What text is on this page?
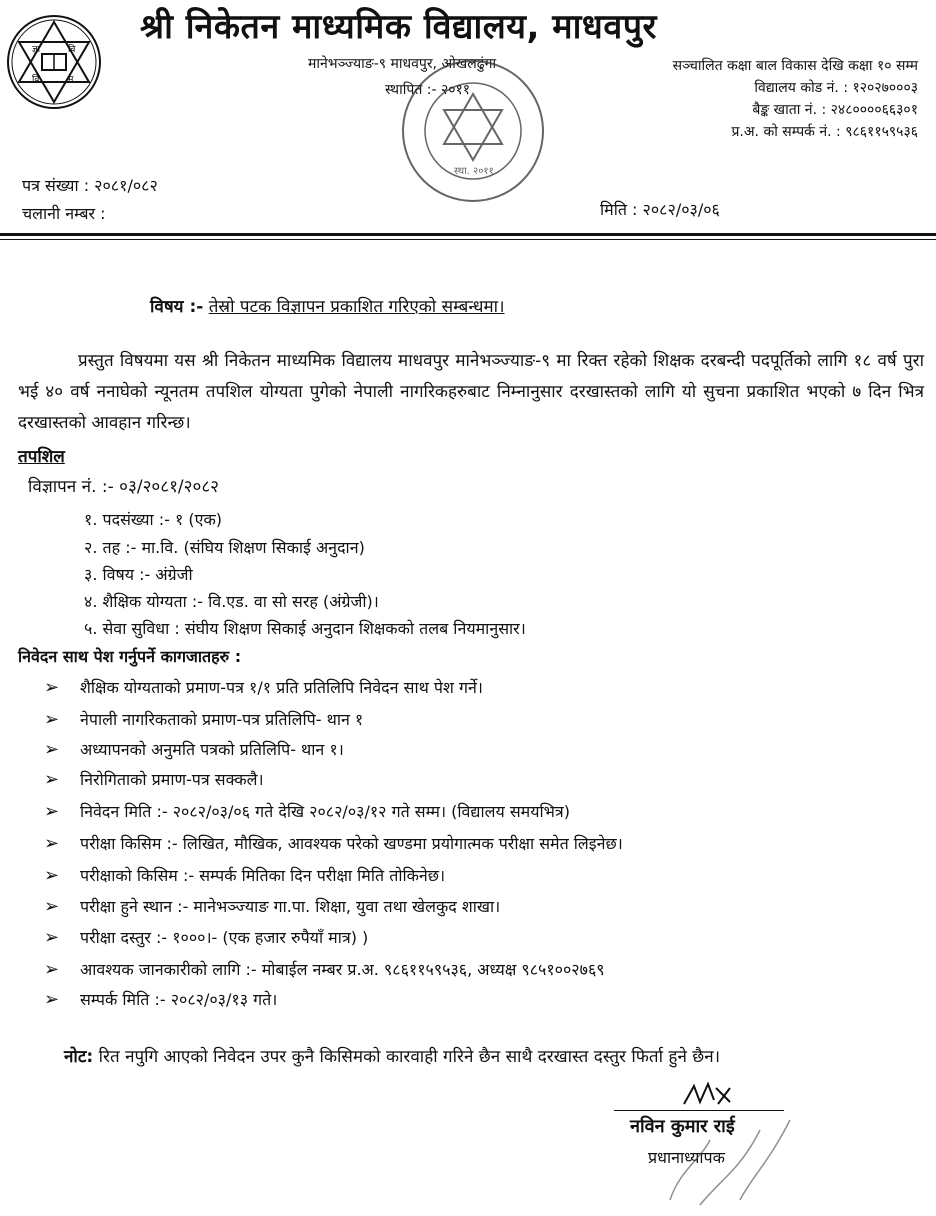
ज्ञा	वि
वि	म
श्री निकेतन माध्यमिक विद्यालय, माधवपुर
मानेभञ्ज्याङ-९ माधवपुर, ओखलढुंगा
स्थापित :- २०११
स्था. २०११
सञ्चालित कक्षा बाल विकास देखि कक्षा १० सम्म
विद्यालय कोड नं. : १२०२७०००३
बैङ्क खाता नं. : २४८००००६६३०१
प्र.अ. को सम्पर्क नं. : ९८६११५९५३६
पत्र संख्या : २०८१/०८२
चलानी नम्बर :	मिति : २०८२/०३/०६
विषय :- तेस्रो पटक विज्ञापन प्रकाशित गरिएको सम्बन्धमा।
प्रस्तुत विषयमा यस श्री निकेतन माध्यमिक विद्यालय माधवपुर मानेभञ्ज्याङ-९ मा रिक्त रहेको शिक्षक दरबन्दी पदपूर्तिको लागि १८ वर्ष पुरा भई ४० वर्ष ननाघेको न्यूनतम तपशिल योग्यता पुगेको नेपाली नागरिकहरुबाट निम्नानुसार दरखास्तको लागि यो सुचना प्रकाशित भएको ७ दिन भित्र दरखास्तको आवहान गरिन्छ।
तपशिल
विज्ञापन नं. :- ०३/२०८१/२०८२
१. पदसंख्या :- १ (एक)
२. तह :- मा.वि. (संघिय शिक्षण सिकाई अनुदान)
३. विषय :- अंग्रेजी
४. शैक्षिक योग्यता :- वि.एड. वा सो सरह (अंग्रेजी)।
५. सेवा सुविधा : संघीय शिक्षण सिकाई अनुदान शिक्षकको तलब नियमानुसार।
निवेदन साथ पेश गर्नुपर्ने कागजातहरु :
➢ शैक्षिक योग्यताको प्रमाण-पत्र १/१ प्रति प्रतिलिपि निवेदन साथ पेश गर्ने।
➢ नेपाली नागरिकताको प्रमाण-पत्र प्रतिलिपि- थान १
➢ अध्यापनको अनुमति पत्रको प्रतिलिपि- थान १।
➢ निरोगिताको प्रमाण-पत्र सक्कलै।
➢ निवेदन मिति :- २०८२/०३/०६ गते देखि २०८२/०३/१२ गते सम्म। (विद्यालय समयभित्र)
➢ परीक्षा किसिम :- लिखित, मौखिक, आवश्यक परेको खण्डमा प्रयोगात्मक परीक्षा समेत लिइनेछ।
➢ परीक्षाको किसिम :- सम्पर्क मितिका दिन परीक्षा मिति तोकिनेछ।
➢ परीक्षा हुने स्थान :- मानेभञ्ज्याङ गा.पा. शिक्षा, युवा तथा खेलकुद शाखा।
➢ परीक्षा दस्तुर :- १०००।- (एक हजार रुपैयाँ मात्र) )
➢ आवश्यक जानकारीको लागि :- मोबाईल नम्बर प्र.अ. ९८६११५९५३६, अध्यक्ष ९८५१००२७६९
➢ सम्पर्क मिति :- २०८२/०३/१३ गते।
नोट: रित नपुगि आएको निवेदन उपर कुनै किसिमको कारवाही गरिने छैन साथै दरखास्त दस्तुर फिर्ता हुने छैन।
नविन कुमार राई
प्रधानाध्यापक
